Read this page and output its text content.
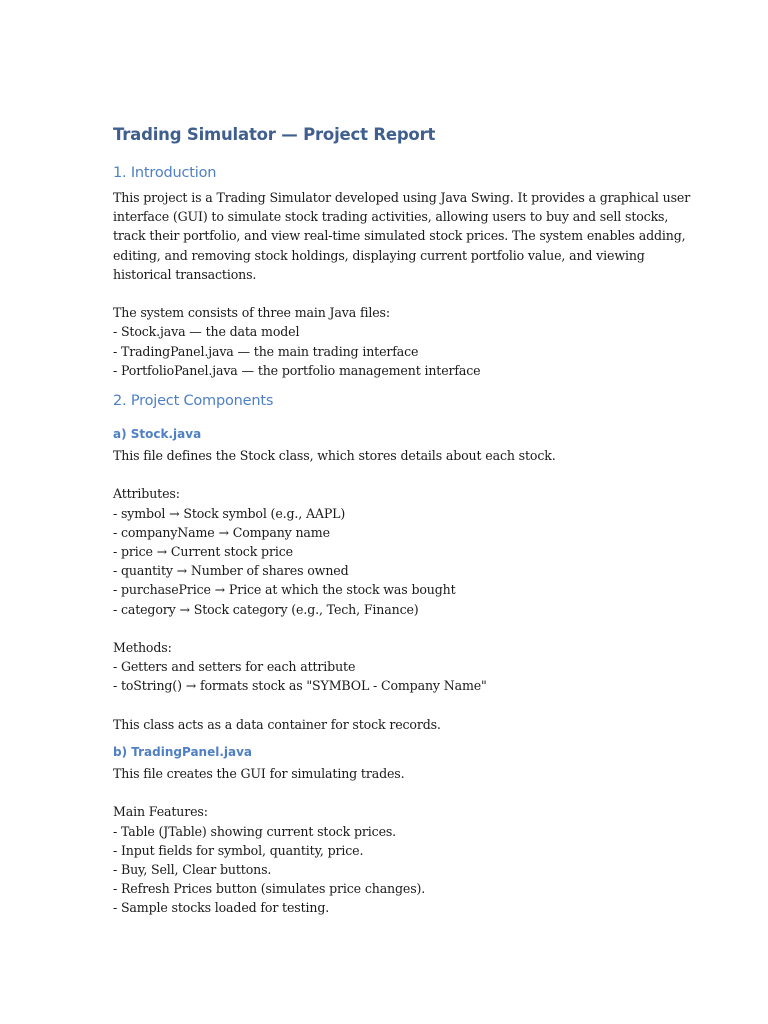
Trading Simulator — Project Report
1. Introduction

This project is a Trading Simulator developed using Java Swing. It provides a graphical user

interface (GUI) to simulate stock trading activities, allowing users to buy and sell stocks,

track their portfolio, and view real-time simulated stock prices. The system enables adding,

editing, and removing stock holdings, displaying current portfolio value, and viewing

historical transactions.

The system consists of three main Java files:

- Stock.java — the data model

- TradingPanel.java — the main trading interface

- PortfolioPanel.java — the portfolio management interface

2. Project Components
a) Stock.java

This file defines the Stock class, which stores details about each stock.

Attributes:

- symbol → Stock symbol (e.g., AAPL)

- companyName → Company name

- price → Current stock price

- quantity → Number of shares owned

- purchasePrice → Price at which the stock was bought

- category → Stock category (e.g., Tech, Finance)

Methods:

- Getters and setters for each attribute

- toString() → formats stock as "SYMBOL - Company Name"

This class acts as a data container for stock records.

b) TradingPanel.java

This file creates the GUI for simulating trades.

Main Features:

- Table (JTable) showing current stock prices.

- Input fields for symbol, quantity, price.

- Buy, Sell, Clear buttons.

- Refresh Prices button (simulates price changes).

- Sample stocks loaded for testing.
